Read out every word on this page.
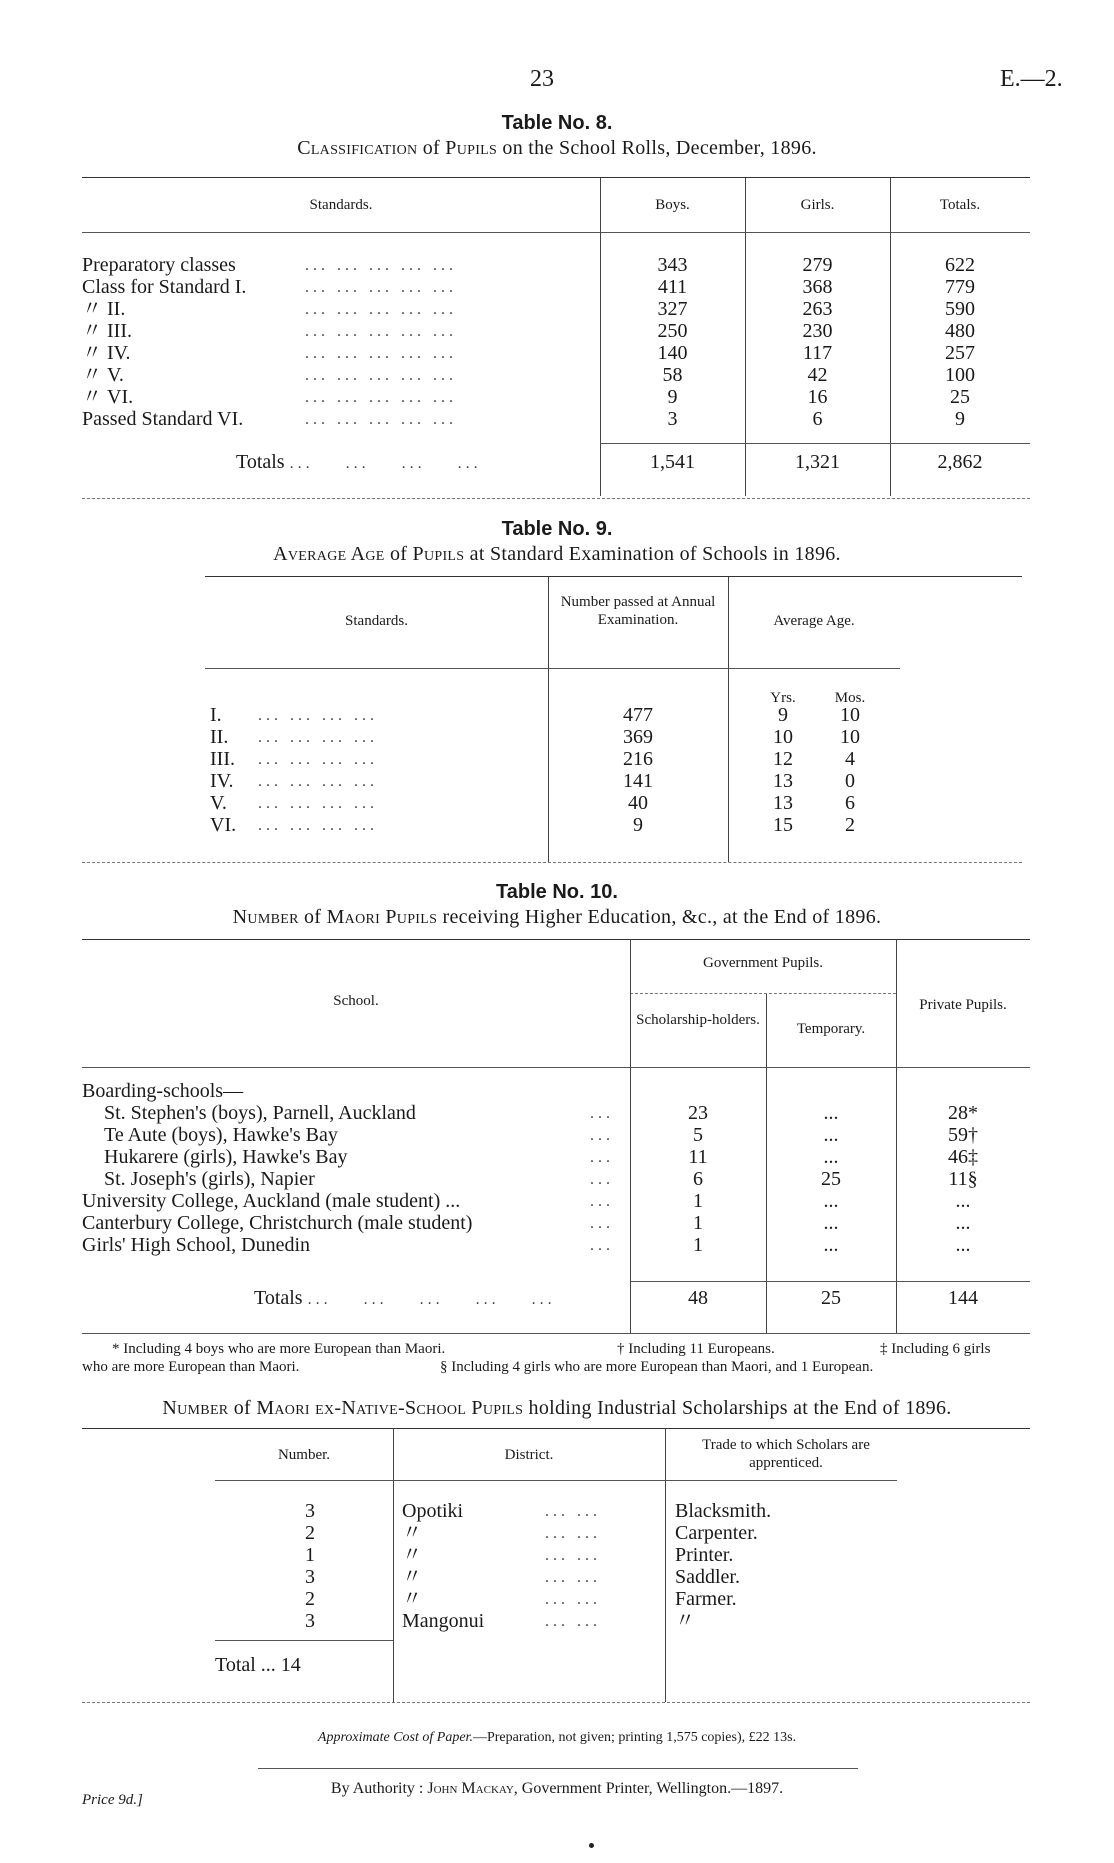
23	E.—2.
Table No. 8.
Classification of Pupils on the School Rolls, December, 1896.
Standards.	Boys.	Girls.	Totals.
Preparatory classes	... ... ... ... ...	343	279	622
Class for Standard I.	... ... ... ... ...	411	368	779
〃 II.	... ... ... ... ...	327	263	590
〃 III.	... ... ... ... ...	250	230	480
〃 IV.	... ... ... ... ...	140	117	257
〃 V.	... ... ... ... ...	58	42	100
〃 VI.	... ... ... ... ...	9	16	25
Passed Standard VI.	... ... ... ... ...	3	6	9
Totals ...    ...    ...    ...	1,541	1,321	2,862
Table No. 9.
Average Age of Pupils at Standard Examination of Schools in 1896.
Standards.
Number passed at Annual Examination.	Average Age.
Yrs.	Mos.
I. ... ... ... ...	477	9	10
II. ... ... ... ...	369	10	10
III. ... ... ... ...	216	12	4
IV. ... ... ... ...	141	13	0
V. ... ... ... ...	40	13	6
VI. ... ... ... ...	9	15	2
Table No. 10.
Number of Maori Pupils receiving Higher Education, &c., at the End of 1896.
School.
Government Pupils.
Scholarship-holders.
Temporary.
Private Pupils.
Boarding-schools—
St. Stephen's (boys), Parnell, Auckland	...	23	...	28*
Te Aute (boys), Hawke's Bay	...	5	...	59†
Hukarere (girls), Hawke's Bay	...	11	...	46‡
St. Joseph's (girls), Napier	...	6	25	11§
University College, Auckland (male student) ...	...	1	...	...
Canterbury College, Christchurch (male student)	...	1	...	...
Girls' High School, Dunedin	...	1	...	...
Totals ...    ...    ...    ...    ...	48	25	144
* Including 4 boys who are more European than Maori.	† Including 11 Europeans.	‡ Including 6 girls
who are more European than Maori.	§ Including 4 girls who are more European than Maori, and 1 European.
Number of Maori ex-Native-School Pupils holding Industrial Scholarships at the End of 1896.
Number.	District.
Trade to which Scholars are apprenticed.
3	Opotiki	... ...	Blacksmith.
2	〃	... ...	Carpenter.
1	〃	... ...	Printer.
3	〃	... ...	Saddler.
2	〃	... ...	Farmer.
3	Mangonui	... ...	〃
Total ... 14
Approximate Cost of Paper.—Preparation, not given; printing 1,575 copies), £22 13s.
By Authority : John Mackay, Government Printer, Wellington.—1897.
Price 9d.]
